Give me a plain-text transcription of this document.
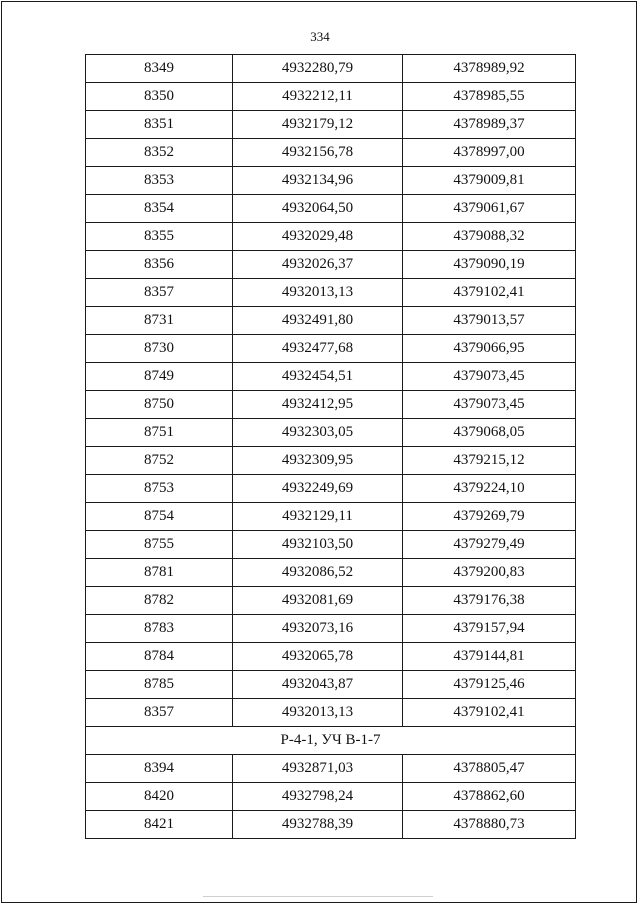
334
8349	4932280,79	4378989,92
8350	4932212,11	4378985,55
8351	4932179,12	4378989,37
8352	4932156,78	4378997,00
8353	4932134,96	4379009,81
8354	4932064,50	4379061,67
8355	4932029,48	4379088,32
8356	4932026,37	4379090,19
8357	4932013,13	4379102,41
8731	4932491,80	4379013,57
8730	4932477,68	4379066,95
8749	4932454,51	4379073,45
8750	4932412,95	4379073,45
8751	4932303,05	4379068,05
8752	4932309,95	4379215,12
8753	4932249,69	4379224,10
8754	4932129,11	4379269,79
8755	4932103,50	4379279,49
8781	4932086,52	4379200,83
8782	4932081,69	4379176,38
8783	4932073,16	4379157,94
8784	4932065,78	4379144,81
8785	4932043,87	4379125,46
8357	4932013,13	4379102,41
Р-4-1, УЧ В-1-7		
8394	4932871,03	4378805,47
8420	4932798,24	4378862,60
8421	4932788,39	4378880,73
